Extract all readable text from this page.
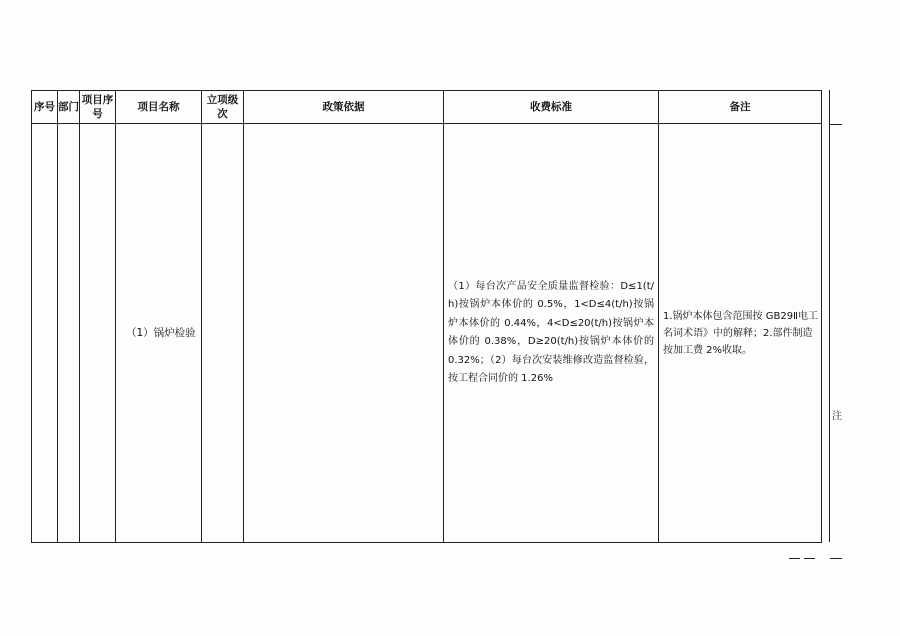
序号	部门	项目序号	项目名称	立项级次	政策依据	收费标准	备注

			（1）锅炉检验			（1）每台次产品安全质量监督检验：D≤1(t/h)按锅炉本体价的 0.5%，1<D≤4(t/h)按锅炉本体价的 0.44%，4<D≤20(t/h)按锅炉本体价的 0.38%，D≥20(t/h)按锅炉本体价的 0.32%；（2）每台次安装维修改造监督检验，按工程合同价的 1.26%	1.锅炉本体包含范围按 GB29Ⅱ电工名词术语》中的解释；2.部件制造按加工费 2%收取。
注
